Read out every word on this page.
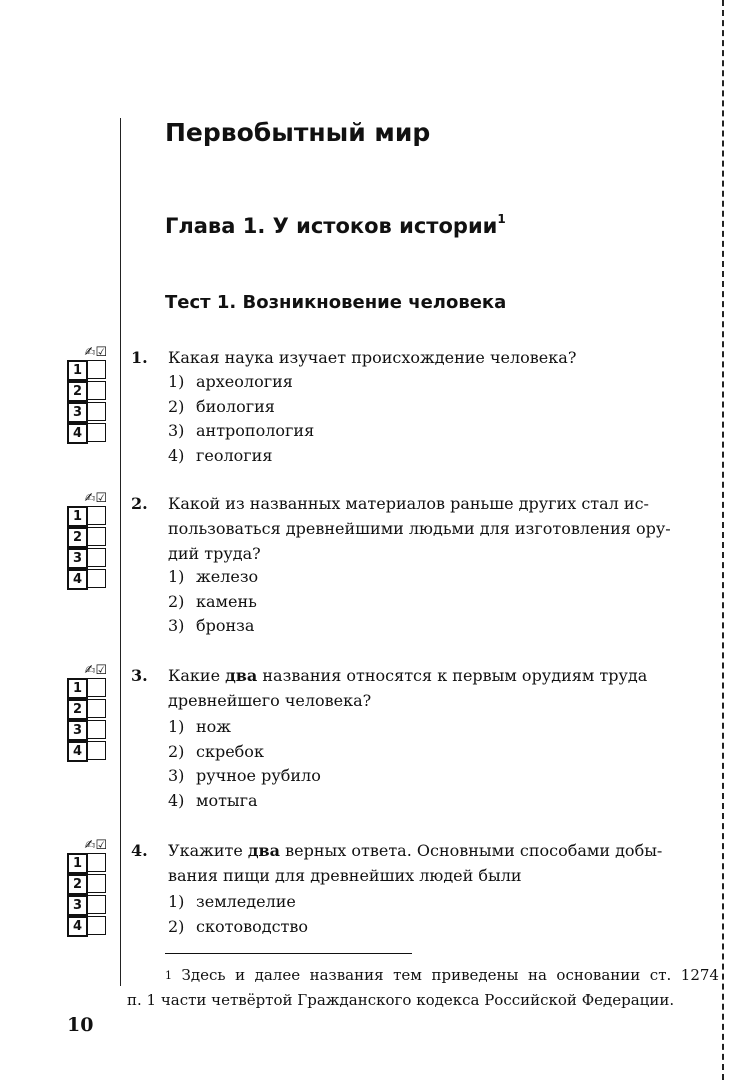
Первобытный мир
Глава 1. У истоков истории$^1$
Тест 1. Возникновение человека
✍☑
1
2
3
4
1. Какая наука изучает происхождение человека?

1) археология
2) биология
3) антропология
4) геология
✍☑
1
2
3
4
2. Какой из названных материалов раньше других стал ис-
пользоваться древнейшими людьми для изготовления ору-
дий труда?

1) железо
2) камень
3) бронза
✍☑
1
2
3
4
3. Какие два названия относятся к первым орудиям труда
древнейшего человека?

1) нож
2) скребок
3) ручное рубило
4) мотыга
✍☑
1
2
3
4
4. Укажите два верных ответа. Основными способами добы-
вания пищи для древнейших людей были

1) земледелие
2) скотоводство

$^1$ Здесь и далее названия тем приведены на основании ст. 1274
п. 1 части четвёртой Гражданского кодекса Российской Федерации.

10
